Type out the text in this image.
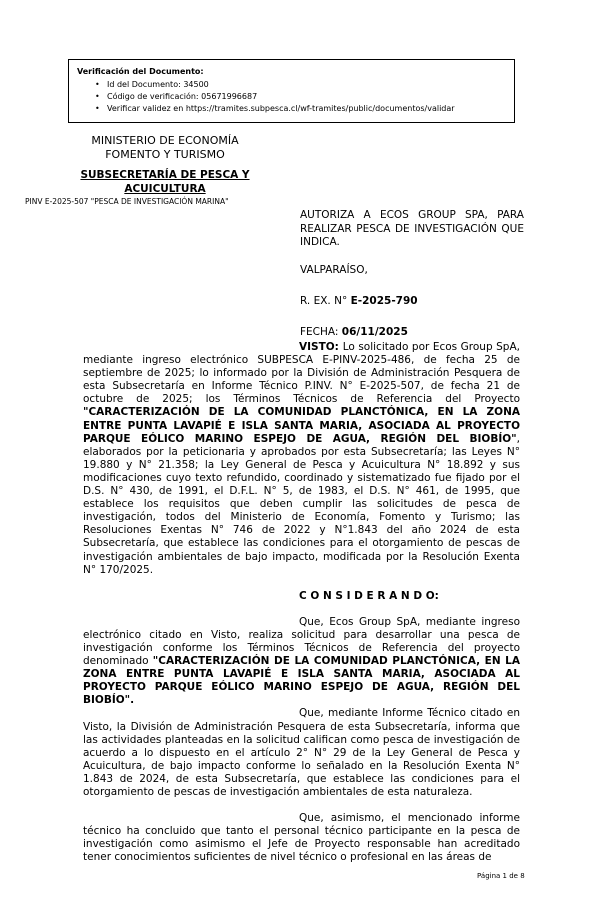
Verificación del Documento:
• Id del Documento: 34500
• Código de verificación: 05671996687
• Verificar validez en https://tramites.subpesca.cl/wf-tramites/public/documentos/validar
MINISTERIO DE ECONOMÍA
FOMENTO Y TURISMO
SUBSECRETARÍA DE PESCA Y ACUICULTURA
PINV E-2025-507 "PESCA DE INVESTIGACIÓN MARINA"
AUTORIZA A ECOS GROUP SPA, PARA REALIZAR PESCA DE INVESTIGACIÓN QUE INDICA.
VALPARAÍSO,
R. EX. N° E-2025-790
FECHA: 06/11/2025

VISTO: Lo solicitado por Ecos Group SpA, mediante ingreso electrónico SUBPESCA E-PINV-2025-486, de fecha 25 de septiembre de 2025; lo informado por la División de Administración Pesquera de esta Subsecretaría en Informe Técnico P.INV. N° E-2025-507, de fecha 21 de octubre de 2025; los Términos Técnicos de Referencia del Proyecto "CARACTERIZACIÓN DE LA COMUNIDAD PLANCTÓNICA, EN LA ZONA ENTRE PUNTA LAVAPIÉ E ISLA SANTA MARIA, ASOCIADA AL PROYECTO PARQUE EÓLICO MARINO ESPEJO DE AGUA, REGIÓN DEL BIOBÍO", elaborados por la peticionaria y aprobados por esta Subsecretaría; las Leyes N° 19.880 y N° 21.358; la Ley General de Pesca y Acuicultura N° 18.892 y sus modificaciones cuyo texto refundido, coordinado y sistematizado fue fijado por el D.S. N° 430, de 1991, el D.F.L. N° 5, de 1983, el D.S. N° 461, de 1995, que establece los requisitos que deben cumplir las solicitudes de pesca de investigación, todos del Ministerio de Economía, Fomento y Turismo; las Resoluciones Exentas N° 746 de 2022 y N°1.843 del año 2024 de esta Subsecretaría, que establece las condiciones para el otorgamiento de pescas de investigación ambientales de bajo impacto, modificada por la Resolución Exenta N° 170/2025.

C O N S I D E R A N D O:

Que, Ecos Group SpA, mediante ingreso electrónico citado en Visto, realiza solicitud para desarrollar una pesca de investigación conforme los Términos Técnicos de Referencia del proyecto denominado "CARACTERIZACIÓN DE LA COMUNIDAD PLANCTÓNICA, EN LA ZONA ENTRE PUNTA LAVAPIÉ E ISLA SANTA MARIA, ASOCIADA AL PROYECTO PARQUE EÓLICO MARINO ESPEJO DE AGUA, REGIÓN DEL BIOBÍO".

Que, mediante Informe Técnico citado en Visto, la División de Administración Pesquera de esta Subsecretaría, informa que las actividades planteadas en la solicitud califican como pesca de investigación de acuerdo a lo dispuesto en el artículo 2° N° 29 de la Ley General de Pesca y Acuicultura, de bajo impacto conforme lo señalado en la Resolución Exenta N° 1.843 de 2024, de esta Subsecretaría, que establece las condiciones para el otorgamiento de pescas de investigación ambientales de esta naturaleza.

Que, asimismo, el mencionado informe técnico ha concluido que tanto el personal técnico participante en la pesca de investigación como asimismo el Jefe de Proyecto responsable han acreditado tener conocimientos suficientes de nivel técnico o profesional en las áreas de

Página 1 de 8
